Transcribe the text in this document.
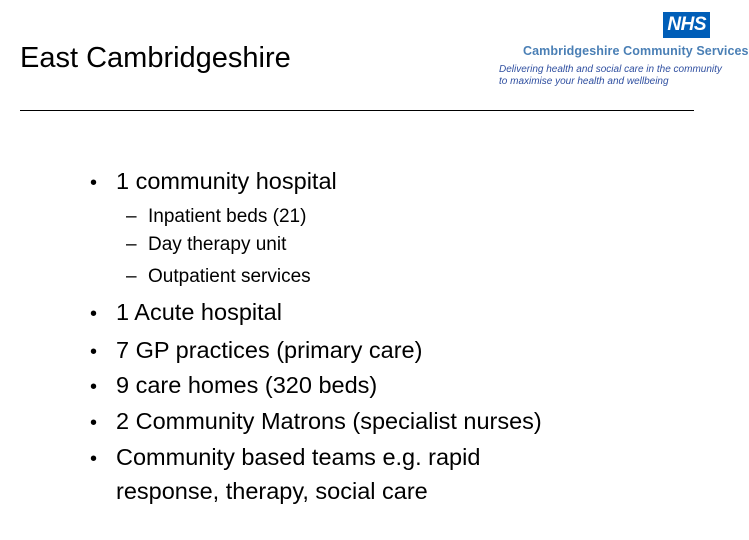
East Cambridgeshire
NHS
Cambridgeshire Community Services
Delivering health and social care in the community
to maximise your health and wellbeing
• 1 community hospital
– Inpatient beds (21)
– Day therapy unit
– Outpatient services
• 1 Acute hospital
• 7 GP practices (primary care)
• 9 care homes (320 beds)
• 2 Community Matrons (specialist nurses)
• Community based teams e.g. rapid
response, therapy, social care
